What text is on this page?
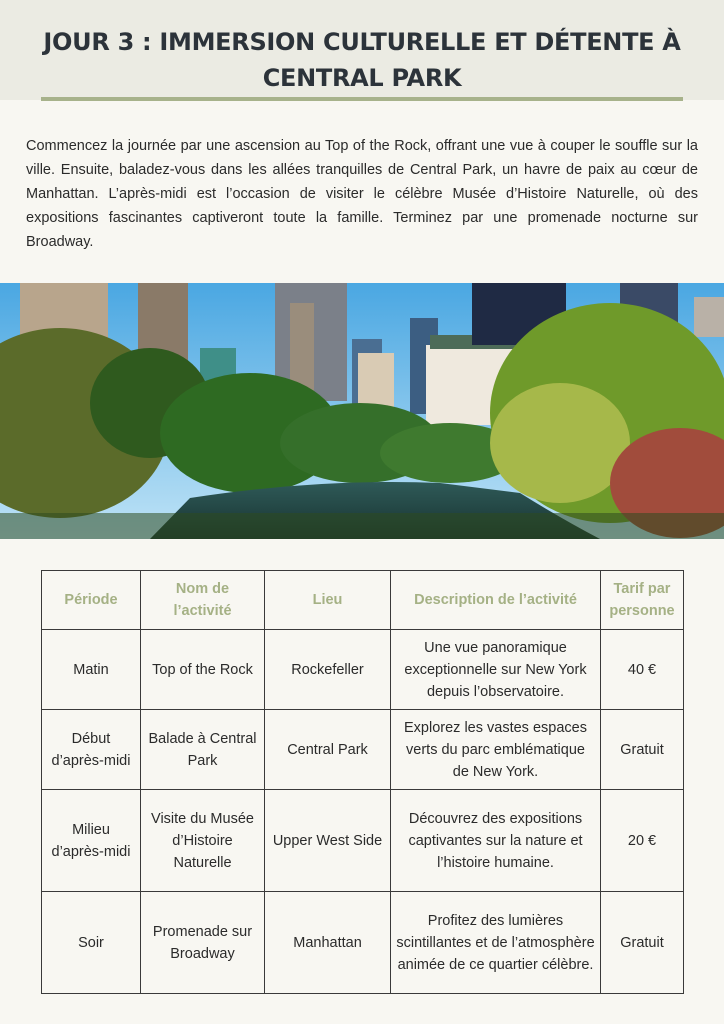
JOUR 3 : IMMERSION CULTURELLE ET DÉTENTE À CENTRAL PARK

Commencez la journée par une ascension au Top of the Rock, offrant une vue à couper le souffle sur la ville. Ensuite, baladez-vous dans les allées tranquilles de Central Park, un havre de paix au cœur de Manhattan. L’après-midi est l’occasion de visiter le célèbre Musée d’Histoire Naturelle, où des expositions fascinantes captiveront toute la famille. Terminez par une promenade nocturne sur Broadway.

Période	Nom de l’activité	Lieu	Description de l’activité	Tarif par personne
Matin	Top of the Rock	Rockefeller	Une vue panoramique exceptionnelle sur New York depuis l’observatoire.	40 €
Début d’après-midi	Balade à Central Park	Central Park	Explorez les vastes espaces verts du parc emblématique de New York.	Gratuit
Milieu d’après-midi	Visite du Musée d’Histoire Naturelle	Upper West Side	Découvrez des expositions captivantes sur la nature et l’histoire humaine.	20 €
Soir	Promenade sur Broadway	Manhattan	Profitez des lumières scintillantes et de l’atmosphère animée de ce quartier célèbre.	Gratuit
